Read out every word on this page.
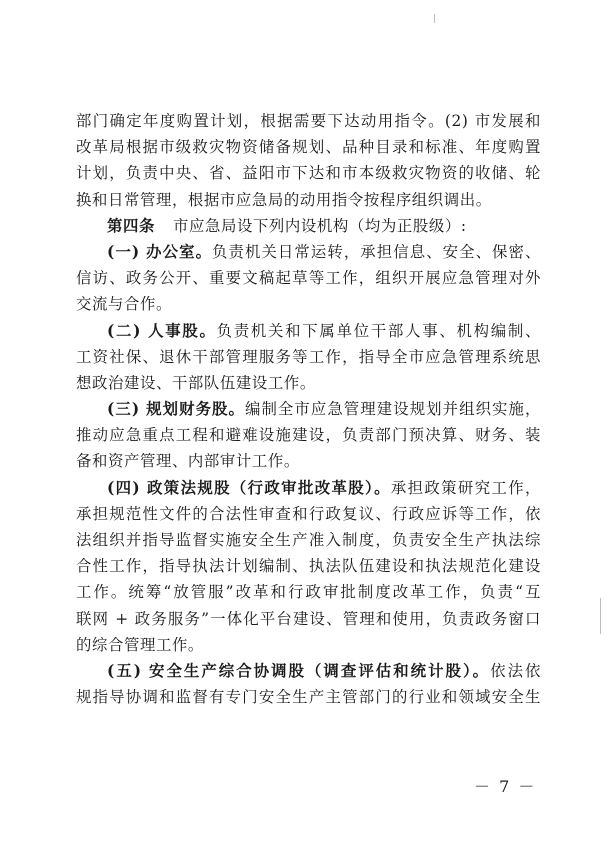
部门确定年度购置计划，根据需要下达动用指令。(2) 市发展和
改革局根据市级救灾物资储备规划、品种目录和标准、年度购置
计划，负责中央、省、益阳市下达和市本级救灾物资的收储、轮
换和日常管理，根据市应急局的动用指令按程序组织调出。
第四条 市应急局设下列内设机构（均为正股级）:
(一) 办公室。负责机关日常运转，承担信息、安全、保密、
信访、政务公开、重要文稿起草等工作，组织开展应急管理对外
交流与合作。
(二) 人事股。负责机关和下属单位干部人事、机构编制、
工资社保、退休干部管理服务等工作，指导全市应急管理系统思
想政治建设、干部队伍建设工作。
(三) 规划财务股。编制全市应急管理建设规划并组织实施，
推动应急重点工程和避难设施建设，负责部门预决算、财务、装
备和资产管理、内部审计工作。
(四) 政策法规股（行政审批改革股）。承担政策研究工作，
承担规范性文件的合法性审查和行政复议、行政应诉等工作，依
法组织并指导监督实施安全生产准入制度，负责安全生产执法综
合性工作，指导执法计划编制、执法队伍建设和执法规范化建设
工作。统筹“放管服”改革和行政审批制度改革工作，负责“互
联网 + 政务服务”一体化平台建设、管理和使用，负责政务窗口
的综合管理工作。
(五) 安全生产综合协调股（调查评估和统计股）。依法依
规指导协调和监督有专门安全生产主管部门的行业和领域安全生
－ 7 －
